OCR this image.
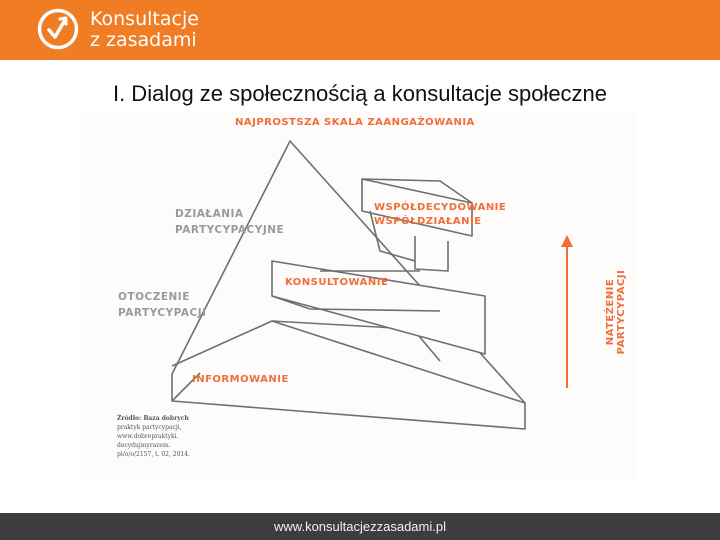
Konsultacje
z zasadami
I. Dialog ze społecznością a konsultacje społeczne
NAJPROSTSZA SKALA ZAANGAŻOWANIA
WSPÓŁDECYDOWANIE
WSPÓŁDZIAŁANIE
KONSULTOWANIE
INFORMOWANIE
DZIAŁANIA
PARTYCYPACYJNE
OTOCZENIE
PARTYCYPACJI	NATĘŻENIE PARTYCYPACJI
Źródło: Baza dobrych
praktyk partycypacji,
www.dobrepraktyki.
decydujmyrazem.
pl/o/o/2157, t. 02, 2014.
www.konsultacjezzasadami.pl
